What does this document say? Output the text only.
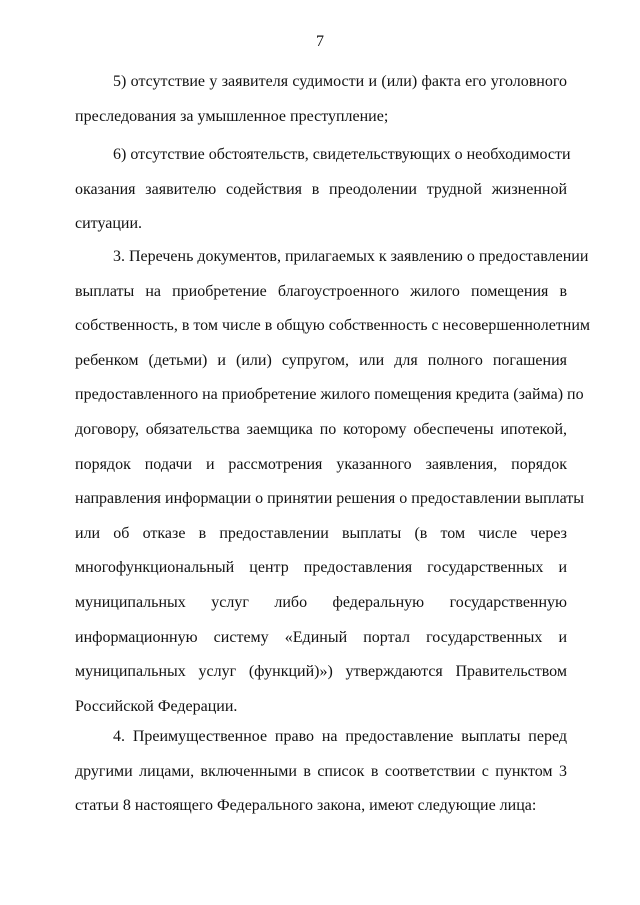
7
5) отсутствие у заявителя судимости и (или) факта его уголовного
преследования за умышленное преступление;
6) отсутствие обстоятельств, свидетельствующих о необходимости
оказания заявителю содействия в преодолении трудной жизненной
ситуации.
3. Перечень документов, прилагаемых к заявлению о предоставлении
выплаты на приобретение благоустроенного жилого помещения в
собственность, в том числе в общую собственность с несовершеннолетним
ребенком (детьми) и (или) супругом, или для полного погашения
предоставленного на приобретение жилого помещения кредита (займа) по
договору, обязательства заемщика по которому обеспечены ипотекой,
порядок подачи и рассмотрения указанного заявления, порядок
направления информации о принятии решения о предоставлении выплаты
или об отказе в предоставлении выплаты (в том числе через
многофункциональный центр предоставления государственных и
муниципальных услуг либо федеральную государственную
информационную систему «Единый портал государственных и
муниципальных услуг (функций)») утверждаются Правительством
Российской Федерации.
4. Преимущественное право на предоставление выплаты перед
другими лицами, включенными в список в соответствии с пунктом 3
статьи 8 настоящего Федерального закона, имеют следующие лица:
